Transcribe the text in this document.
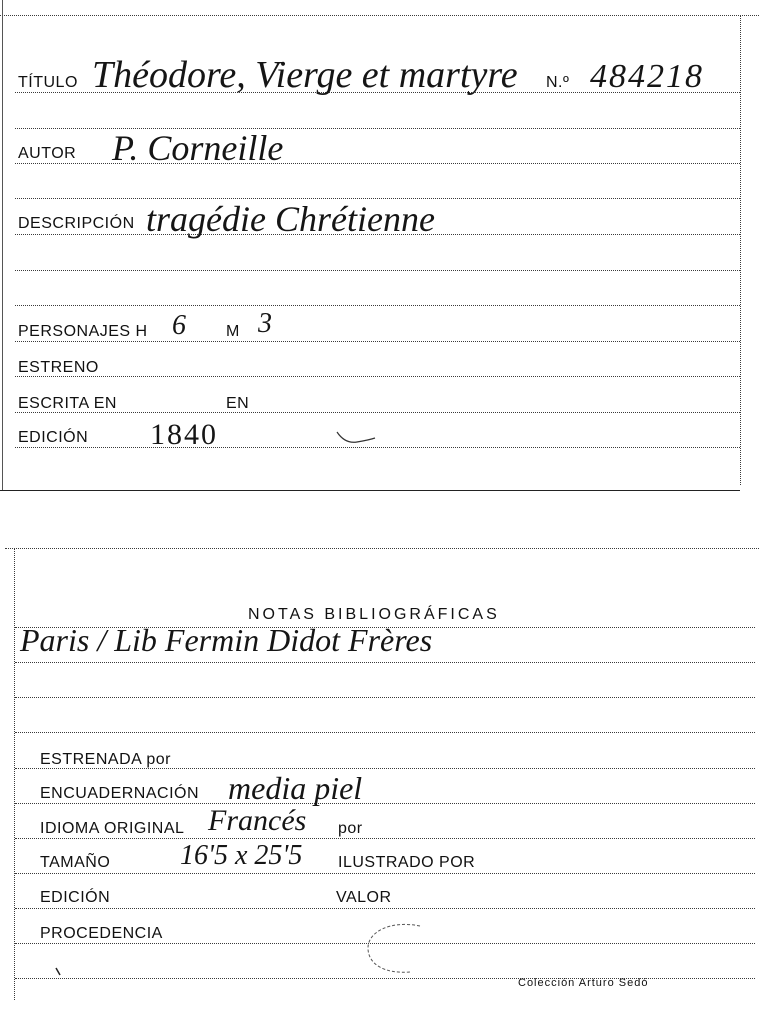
TÍTULO Théodore, Vierge et martyre N.º 484218
AUTOR P. Corneille
DESCRIPCIÓN tragédie Chrétienne
PERSONAJES H 6	M 3
ESTRENO
ESCRITA EN	EN
EDICIÓN 1840
NOTAS BIBLIOGRÁFICAS
Paris / Lib Fermin Didot Frères
ESTRENADA por
ENCUADERNACIÓN media piel
IDIOMA ORIGINAL Francés por
TAMAÑO 16'5 x 25'5 ILUSTRADO POR
EDICIÓN	VALOR
PROCEDENCIA
Colección Arturo Sedó
